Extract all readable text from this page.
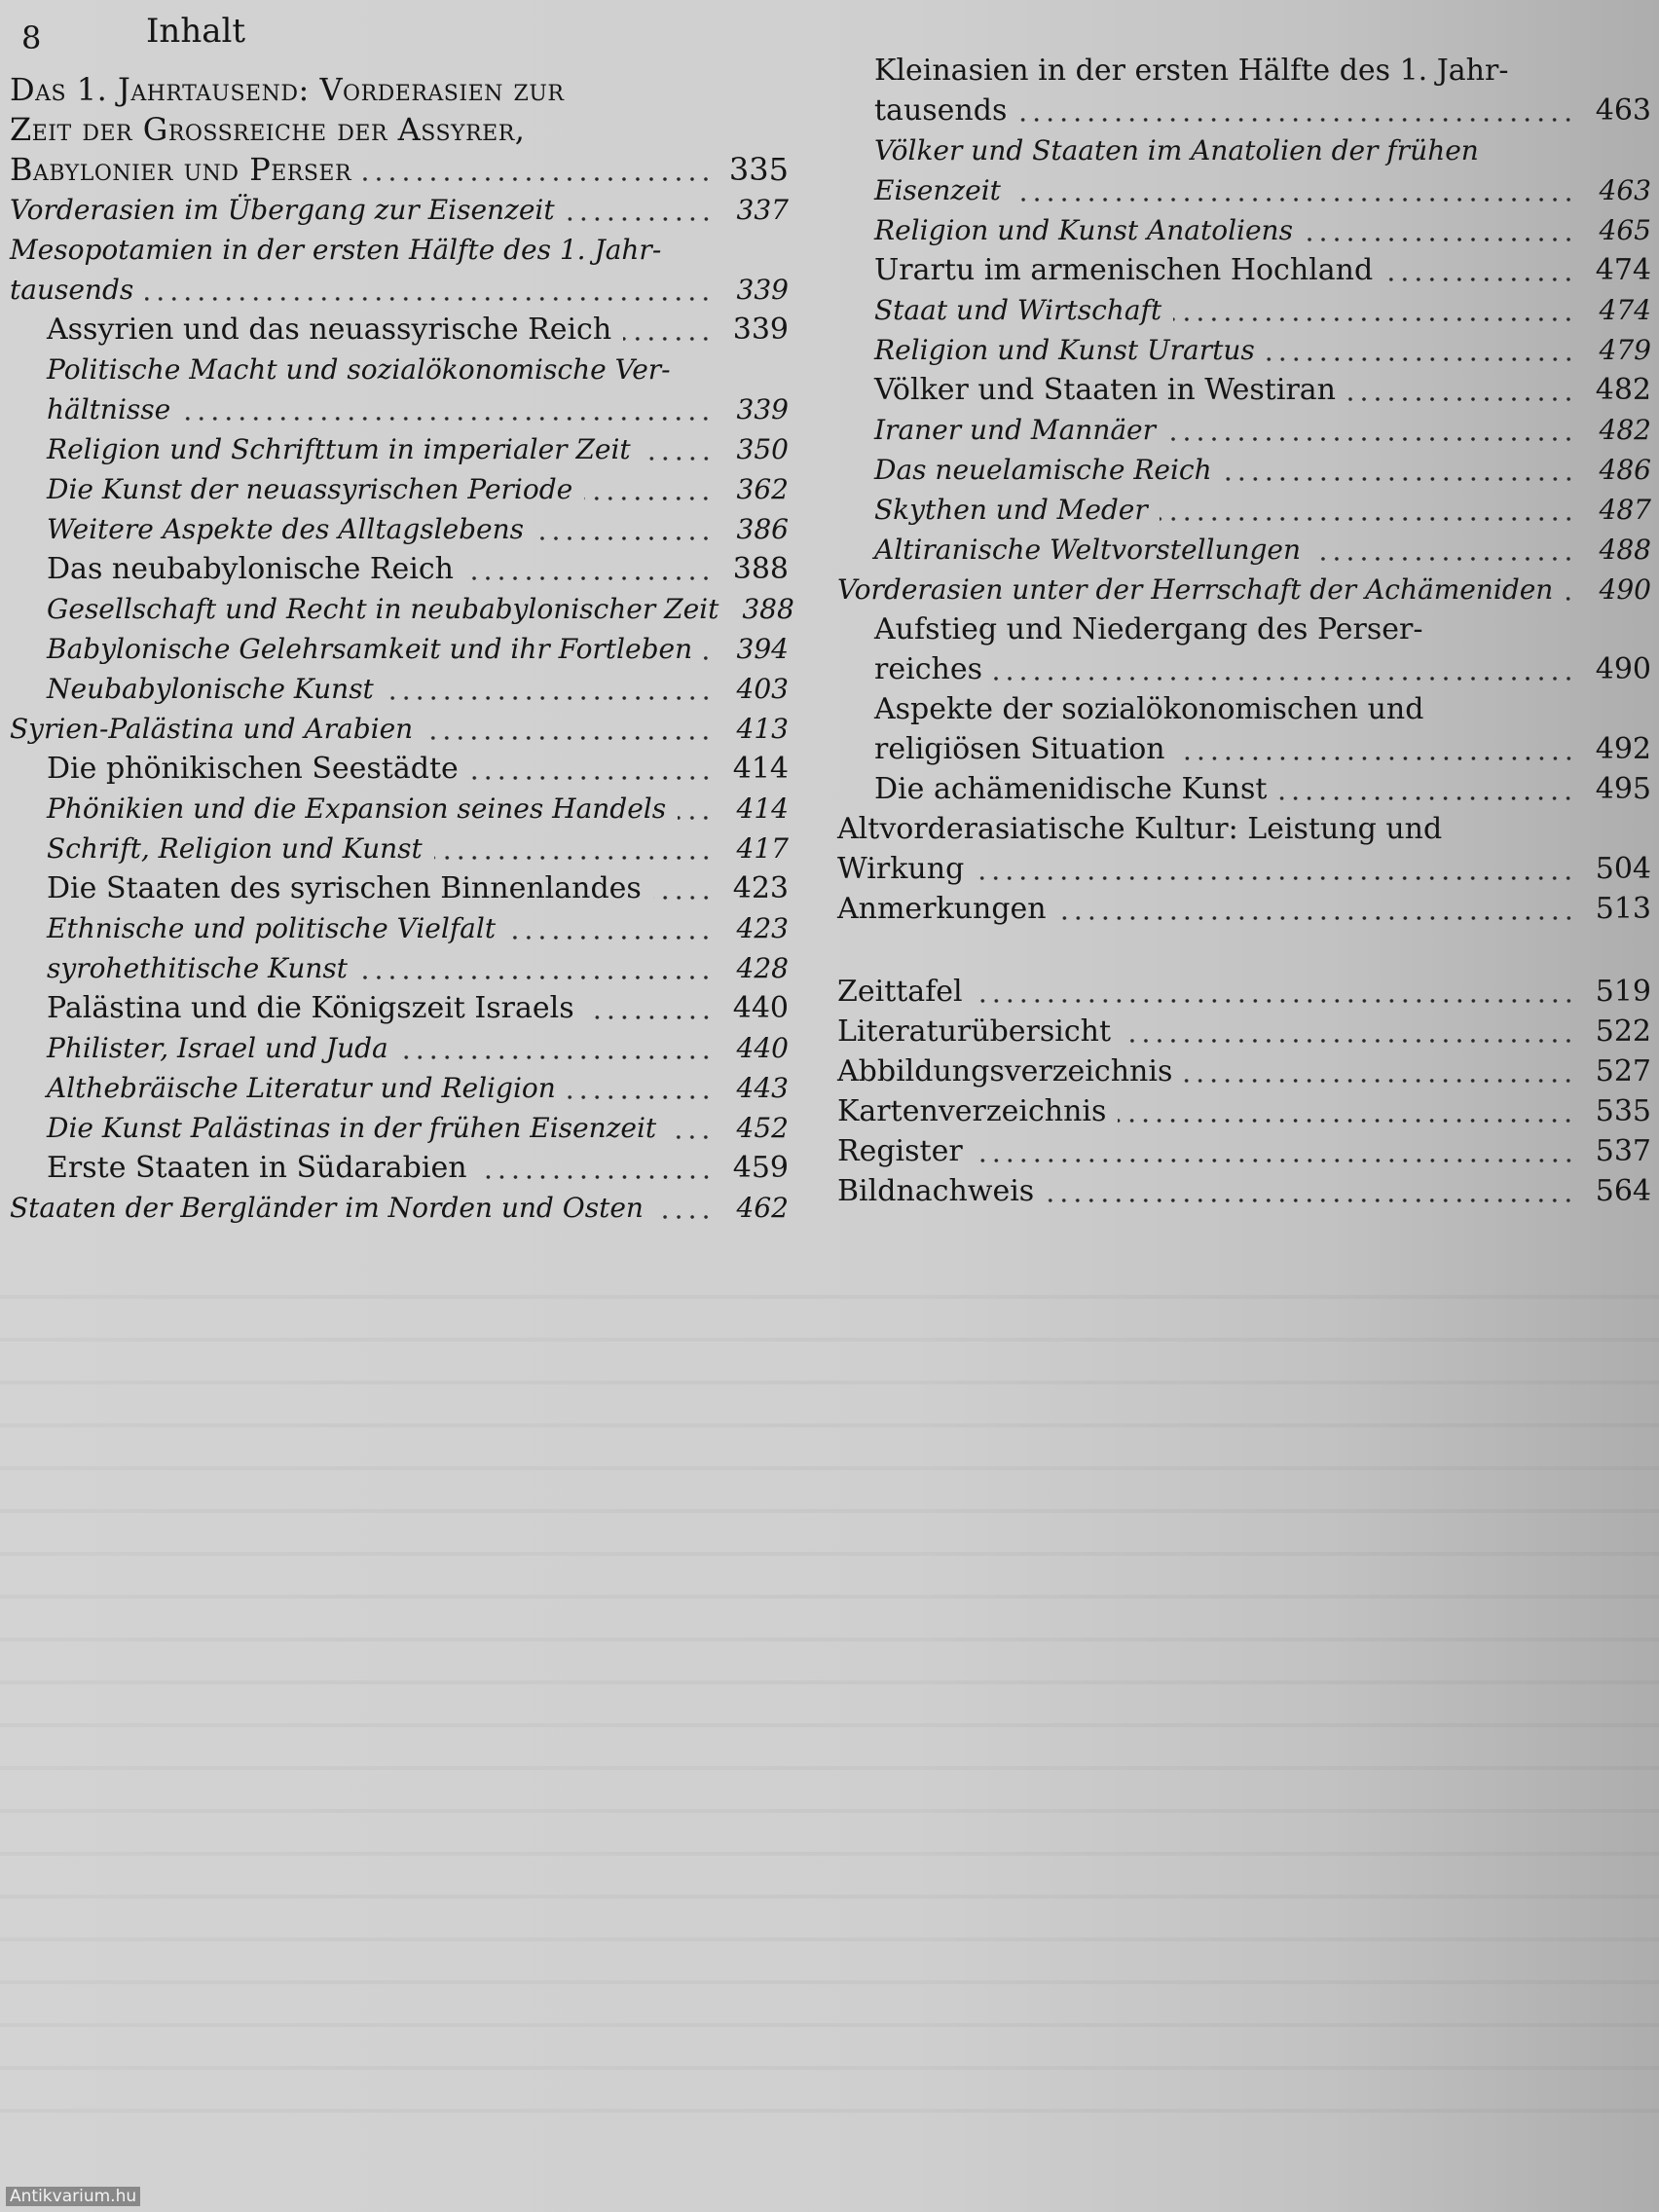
8	Inhalt
Das 1. Jahrtausend: Vorderasien zur
Zeit der Grossreiche der Assyrer,
Babylonier und Perser	335
Vorderasien im Übergang zur Eisenzeit	337
Mesopotamien in der ersten Hälfte des 1. Jahr-
tausends	339
Assyrien und das neuassyrische Reich	339
Politische Macht und sozialökonomische Ver-
hältnisse	339
Religion und Schrifttum in imperialer Zeit	350
Die Kunst der neuassyrischen Periode	362
Weitere Aspekte des Alltagslebens	386
Das neubabylonische Reich	388
Gesellschaft und Recht in neubabylonischer Zeit 388
Babylonische Gelehrsamkeit und ihr Fortleben	394
Neubabylonische Kunst	403
Syrien-Palästina und Arabien	413
Die phönikischen Seestädte	414
Phönikien und die Expansion seines Handels	414
Schrift, Religion und Kunst	417
Die Staaten des syrischen Binnenlandes	423
Ethnische und politische Vielfalt	423
syrohethitische Kunst	428
Palästina und die Königszeit Israels	440
Philister, Israel und Juda	440
Althebräische Literatur und Religion	443
Die Kunst Palästinas in der frühen Eisenzeit	452
Erste Staaten in Südarabien	459
Staaten der Bergländer im Norden und Osten	462
Kleinasien in der ersten Hälfte des 1. Jahr-
tausends	463
Völker und Staaten im Anatolien der frühen
Eisenzeit	463
Religion und Kunst Anatoliens	465
Urartu im armenischen Hochland	474
Staat und Wirtschaft	474
Religion und Kunst Urartus	479
Völker und Staaten in Westiran	482
Iraner und Mannäer	482
Das neuelamische Reich	486
Skythen und Meder	487
Altiranische Weltvorstellungen	488
Vorderasien unter der Herrschaft der Achämeniden	490
Aufstieg und Niedergang des Perser-
reiches	490
Aspekte der sozialökonomischen und
religiösen Situation	492
Die achämenidische Kunst	495
Altvorderasiatische Kultur: Leistung und
Wirkung	504
Anmerkungen	513
Zeittafel	519
Literaturübersicht	522
Abbildungsverzeichnis	527
Kartenverzeichnis	535
Register	537
Bildnachweis	564
Antikvarium.hu
